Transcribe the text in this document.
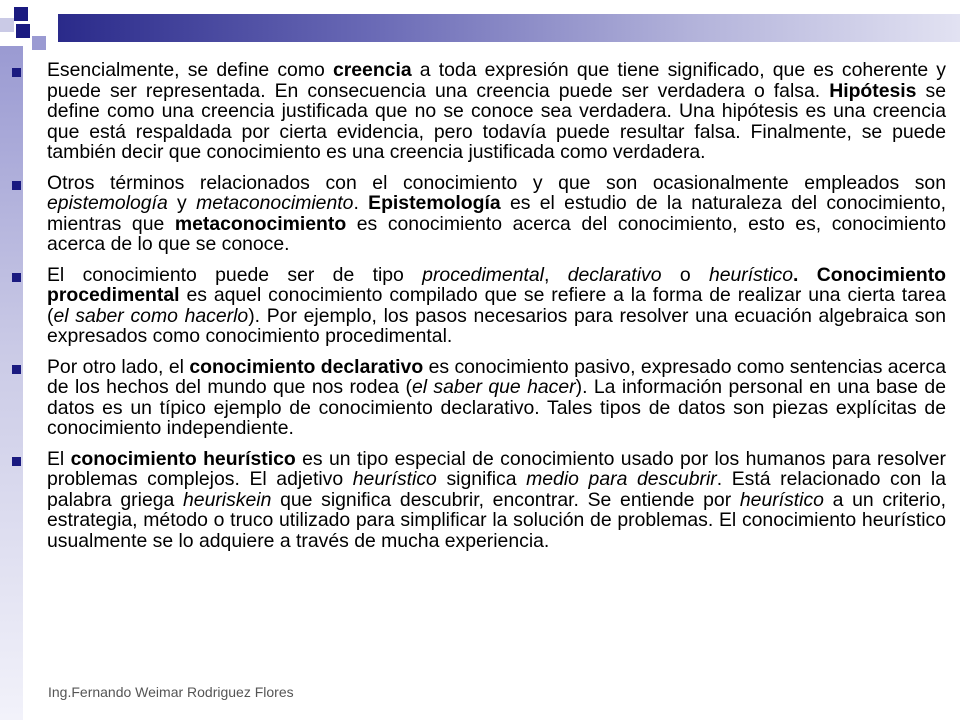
Esencialmente, se define como creencia a toda expresión que tiene significado, que es coherente y puede ser representada. En consecuencia una creencia puede ser verdadera o falsa. Hipótesis se define como una creencia justificada que no se conoce sea verdadera. Una hipótesis es una creencia que está respaldada por cierta evidencia, pero todavía puede resultar falsa. Finalmente, se puede también decir que conocimiento es una creencia justificada como verdadera.
Otros términos relacionados con el conocimiento y que son ocasionalmente empleados son epistemología y metaconocimiento. Epistemología es el estudio de la naturaleza del conocimiento, mientras que metaconocimiento es conocimiento acerca del conocimiento, esto es, conocimiento acerca de lo que se conoce.
El conocimiento puede ser de tipo procedimental, declarativo o heurístico. Conocimiento procedimental es aquel conocimiento compilado que se refiere a la forma de realizar una cierta tarea (el saber como hacerlo). Por ejemplo, los pasos necesarios para resolver una ecuación algebraica son expresados como conocimiento procedimental.
Por otro lado, el conocimiento declarativo es conocimiento pasivo, expresado como sentencias acerca de los hechos del mundo que nos rodea (el saber que hacer). La información personal en una base de datos es un típico ejemplo de conocimiento declarativo. Tales tipos de datos son piezas explícitas de conocimiento independiente.
El conocimiento heurístico es un tipo especial de conocimiento usado por los humanos para resolver problemas complejos. El adjetivo heurístico significa medio para descubrir. Está relacionado con la palabra griega heuriskein que significa descubrir, encontrar. Se entiende por heurístico a un criterio, estrategia, método o truco utilizado para simplificar la solución de problemas. El conocimiento heurístico usualmente se lo adquiere a través de mucha experiencia.
Ing.Fernando Weimar Rodriguez Flores
